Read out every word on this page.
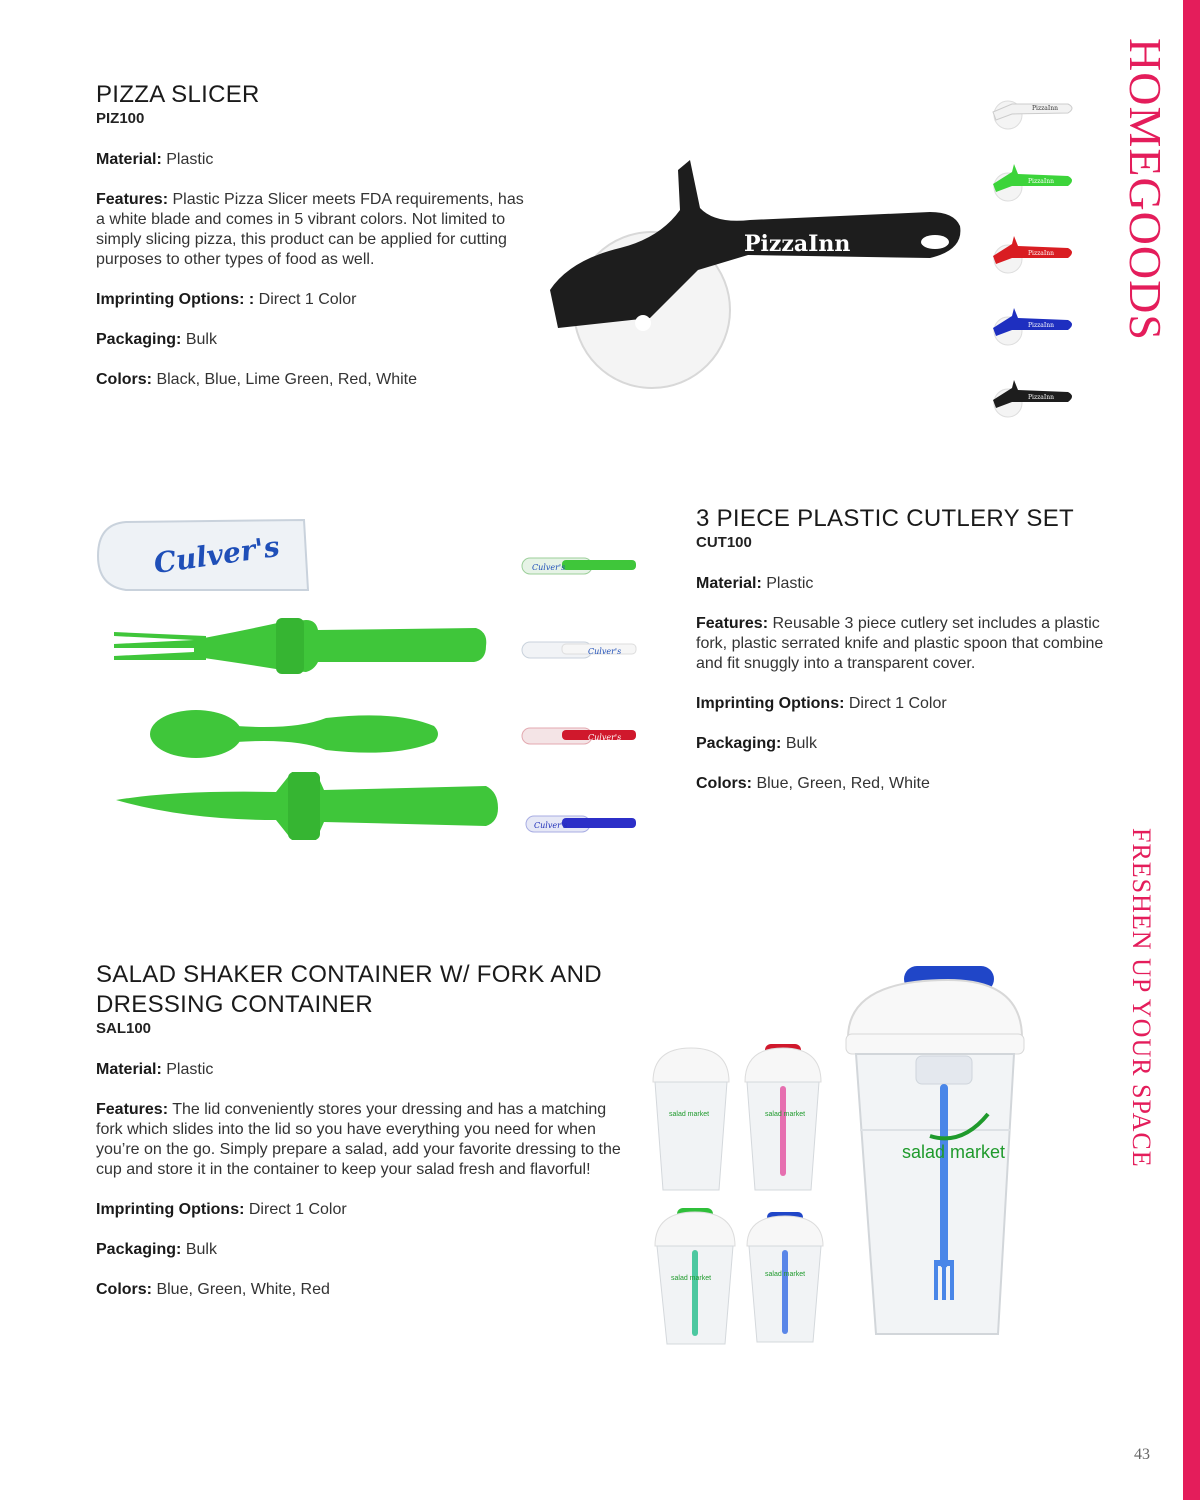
HOMEGOODS
FRESHEN UP YOUR SPACE
43
PIZZA SLICER
PIZ100

Material: Plastic

Features: Plastic Pizza Slicer meets FDA requirements, has a white blade and comes in 5 vibrant colors. Not limited to simply slicing pizza, this product can be applied for cutting purposes to other types of food as well.

Imprinting Options: : Direct 1 Color

Packaging: Bulk

Colors: Black, Blue, Lime Green, Red, White

PizzaInn
PizzaInn
PizzaInn
PizzaInn
PizzaInn
PizzaInn
Culver's	Culver's
Culver's
Culver's
Culver's
3 PIECE PLASTIC CUTLERY SET
CUT100

Material: Plastic

Features: Reusable 3 piece cutlery set includes a plastic fork, plastic serrated knife and plastic spoon that combine and fit snuggly into a transparent cover.

Imprinting Options: Direct 1 Color

Packaging: Bulk

Colors: Blue, Green, Red, White

SALAD SHAKER CONTAINER W/ FORK AND DRESSING CONTAINER
SAL100

Material: Plastic

Features: The lid conveniently stores your dressing and has a matching fork which slides into the lid so you have everything you need for when you’re on the go. Simply prepare a salad, add your favorite dressing to the cup and store it in the container to keep your salad fresh and flavorful!

Imprinting Options: Direct 1 Color

Packaging: Bulk

Colors: Blue, Green, White, Red

salad market	salad market
salad market
salad market
salad market
